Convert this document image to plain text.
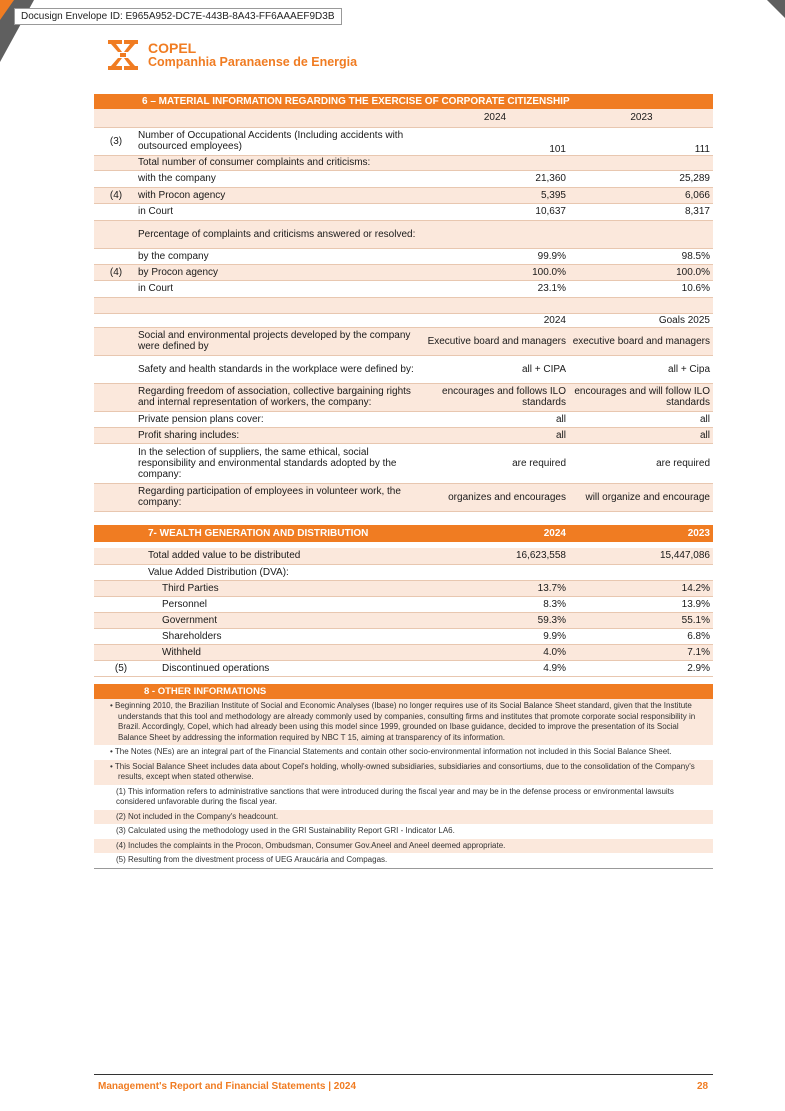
Docusign Envelope ID: E965A952-DC7E-443B-8A43-FF6AAAEF9D3B
COPEL
Companhia Paranaense de Energia
6 – MATERIAL INFORMATION REGARDING THE EXERCISE OF CORPORATE CITIZENSHIP
		2024	2023
(3)	Number of Occupational Accidents (Including accidents with outsourced employees)	101	111
	Total number of consumer complaints and criticisms:		
	with the company	21,360	25,289
(4)	with Procon agency	5,395	6,066
	in Court	10,637	8,317
	Percentage of complaints and criticisms answered or resolved:		
	by the company	99.9%	98.5%
(4)	by Procon agency	100.0%	100.0%
	in Court	23.1%	10.6%

		2024	Goals 2025
	Social and environmental projects developed by the company were defined by	Executive board and managers	executive board and managers
	Safety and health standards in the workplace were defined by:	all + CIPA	all + Cipa
	Regarding freedom of association, collective bargaining rights and internal representation of workers, the company:	encourages and follows ILO standards	encourages and will follow ILO standards
	Private pension plans cover:	all	all
	Profit sharing includes:	all	all
	In the selection of suppliers, the same ethical, social responsibility and environmental standards adopted by the company:	are required	are required
	Regarding participation of employees in volunteer work, the company:	organizes and encourages	will organize and encourage
	7- WEALTH GENERATION AND DISTRIBUTION	2024	2023

	Total added value to be distributed	16,623,558	15,447,086
	Value Added Distribution (DVA):		
	Third Parties	13.7%	14.2%
	Personnel	8.3%	13.9%
	Government	59.3%	55.1%
	Shareholders	9.9%	6.8%
	Withheld	4.0%	7.1%
(5)	Discontinued operations	4.9%	2.9%
8 - OTHER INFORMATIONS
• Beginning 2010, the Brazilian Institute of Social and Economic Analyses (Ibase) no longer requires use of its Social Balance Sheet standard, given that the Institute understands that this tool and methodology are already commonly used by companies, consulting firms and institutes that promote corporate social responsibility in Brazil. Accordingly, Copel, which had already been using this model since 1999, grounded on Ibase guidance, decided to improve the presentation of its Social Balance Sheet by addressing the information required by NBC T 15, aiming at transparency of its information.
• The Notes (NEs) are an integral part of the Financial Statements and contain other socio-environmental information not included in this Social Balance Sheet.
• This Social Balance Sheet includes data about Copel's holding, wholly-owned subsidiaries, subsidiaries and consortiums, due to the consolidation of the Company's results, except when stated otherwise.
(1) This information refers to administrative sanctions that were introduced during the fiscal year and may be in the defense process or environmental lawsuits considered unfavorable during the fiscal year.
(2) Not included in the Company's headcount.
(3) Calculated using the methodology used in the GRI Sustainability Report GRI - Indicator LA6.
(4) Includes the complaints in the Procon, Ombudsman, Consumer Gov.Aneel and Aneel deemed appropriate.
(5) Resulting from the divestment process of UEG Araucária and Compagas.
Management's Report and Financial Statements | 2024	28
